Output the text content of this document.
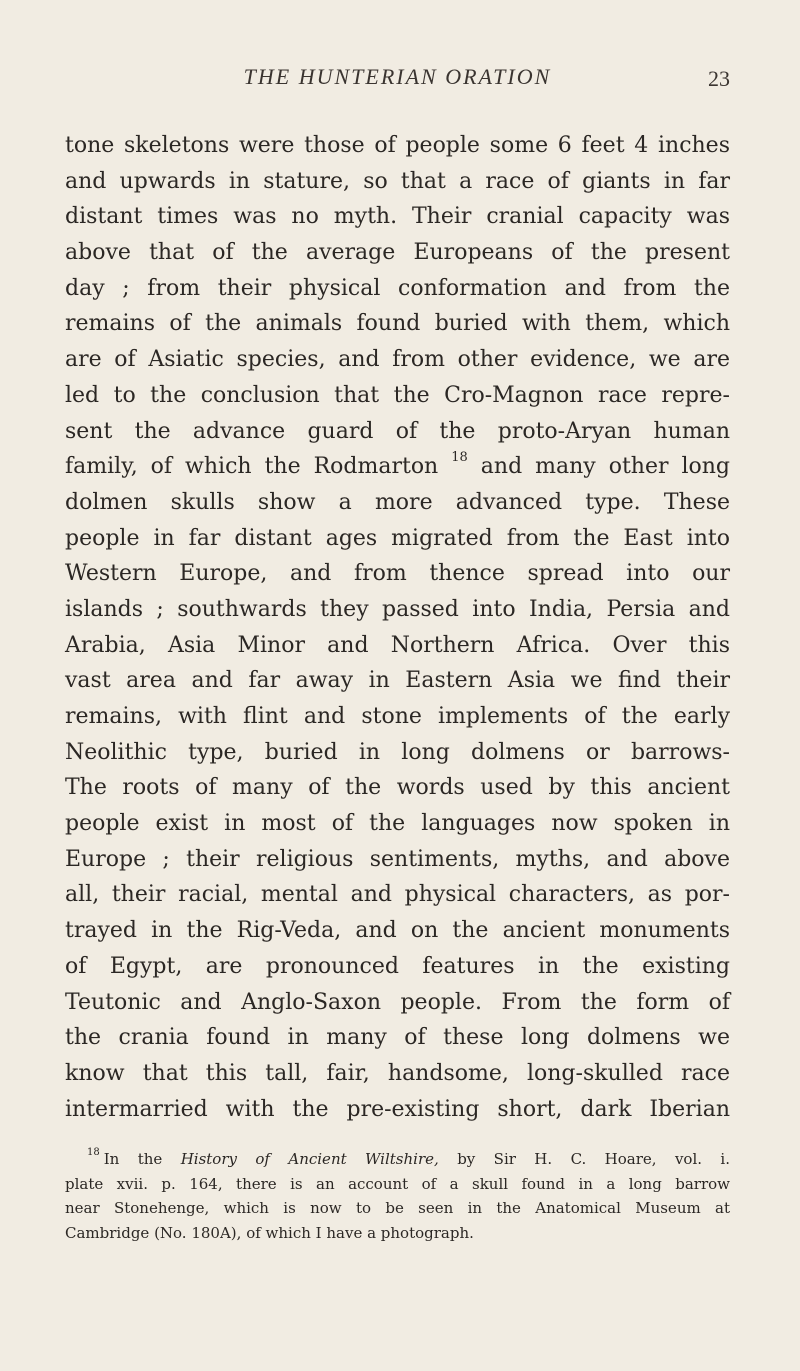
THE HUNTERIAN ORATION	23
tone skeletons were those of people some 6 feet 4 inches
and upwards in stature, so that a race of giants in far
distant times was no myth. Their cranial capacity was
above that of the average Europeans of the present
day ; from their physical conformation and from the
remains of the animals found buried with them, which
are of Asiatic species, and from other evidence, we are
led to the conclusion that the Cro-Magnon race repre-
sent the advance guard of the proto-Aryan human
family, of which the Rodmarton $^{18}$ and many other long
dolmen skulls show a more advanced type. These
people in far distant ages migrated from the East into
Western Europe, and from thence spread into our
islands ; southwards they passed into India, Persia and
Arabia, Asia Minor and Northern Africa. Over this
vast area and far away in Eastern Asia we find their
remains, with flint and stone implements of the early
Neolithic type, buried in long dolmens or barrows-
The roots of many of the words used by this ancient
people exist in most of the languages now spoken in
Europe ; their religious sentiments, myths, and above
all, their racial, mental and physical characters, as por-
trayed in the Rig-Veda, and on the ancient monuments
of Egypt, are pronounced features in the existing
Teutonic and Anglo-Saxon people. From the form of
the crania found in many of these long dolmens we
know that this tall, fair, handsome, long-skulled race
intermarried with the pre-existing short, dark Iberian
$^{18}$ In the History of Ancient Wiltshire, by Sir H. C. Hoare, vol. i.
plate xvii. p. 164, there is an account of a skull found in a long barrow
near Stonehenge, which is now to be seen in the Anatomical Museum at
Cambridge (No. 180A), of which I have a photograph.
